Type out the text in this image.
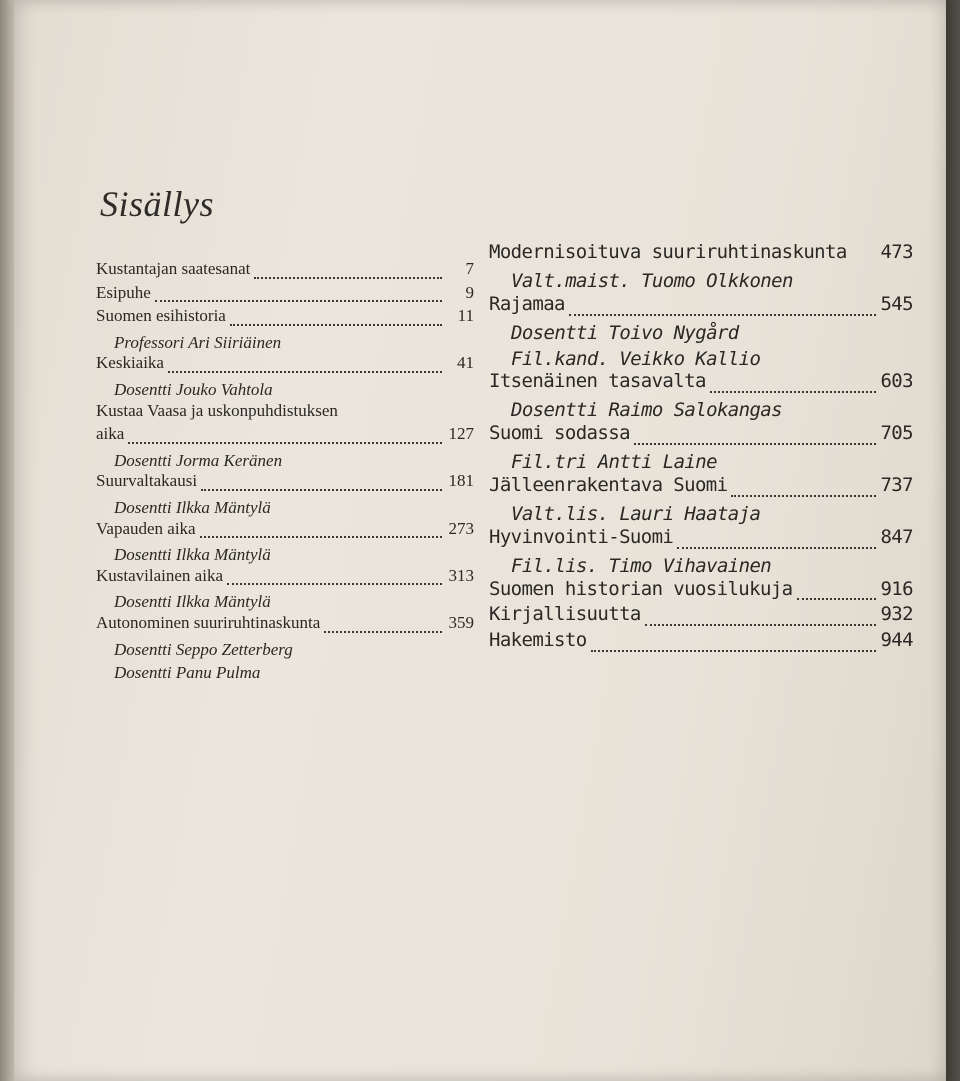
Sisällys
Kustantajan saatesanat	7
Esipuhe	9
Suomen esihistoria	11
Professori Ari Siiriäinen
Keskiaika	41
Dosentti Jouko Vahtola
Kustaa Vaasa ja uskonpuhdistuksen
aika	127
Dosentti Jorma Keränen
Suurvaltakausi	181
Dosentti Ilkka Mäntylä
Vapauden aika	273
Dosentti Ilkka Mäntylä
Kustavilainen aika	313
Dosentti Ilkka Mäntylä
Autonominen suuriruhtinaskunta	359
Dosentti Seppo Zetterberg
Dosentti Panu Pulma
Modernisoituva suuriruhtinaskunta 473
Valt.maist. Tuomo Olkkonen
Rajamaa	545
Dosentti Toivo Nygård
Fil.kand. Veikko Kallio
Itsenäinen tasavalta	603
Dosentti Raimo Salokangas
Suomi sodassa	705
Fil.tri Antti Laine
Jälleenrakentava Suomi	737
Valt.lis. Lauri Haataja
Hyvinvointi-Suomi	847
Fil.lis. Timo Vihavainen
Suomen historian vuosilukuja	916
Kirjallisuutta	932
Hakemisto	944
